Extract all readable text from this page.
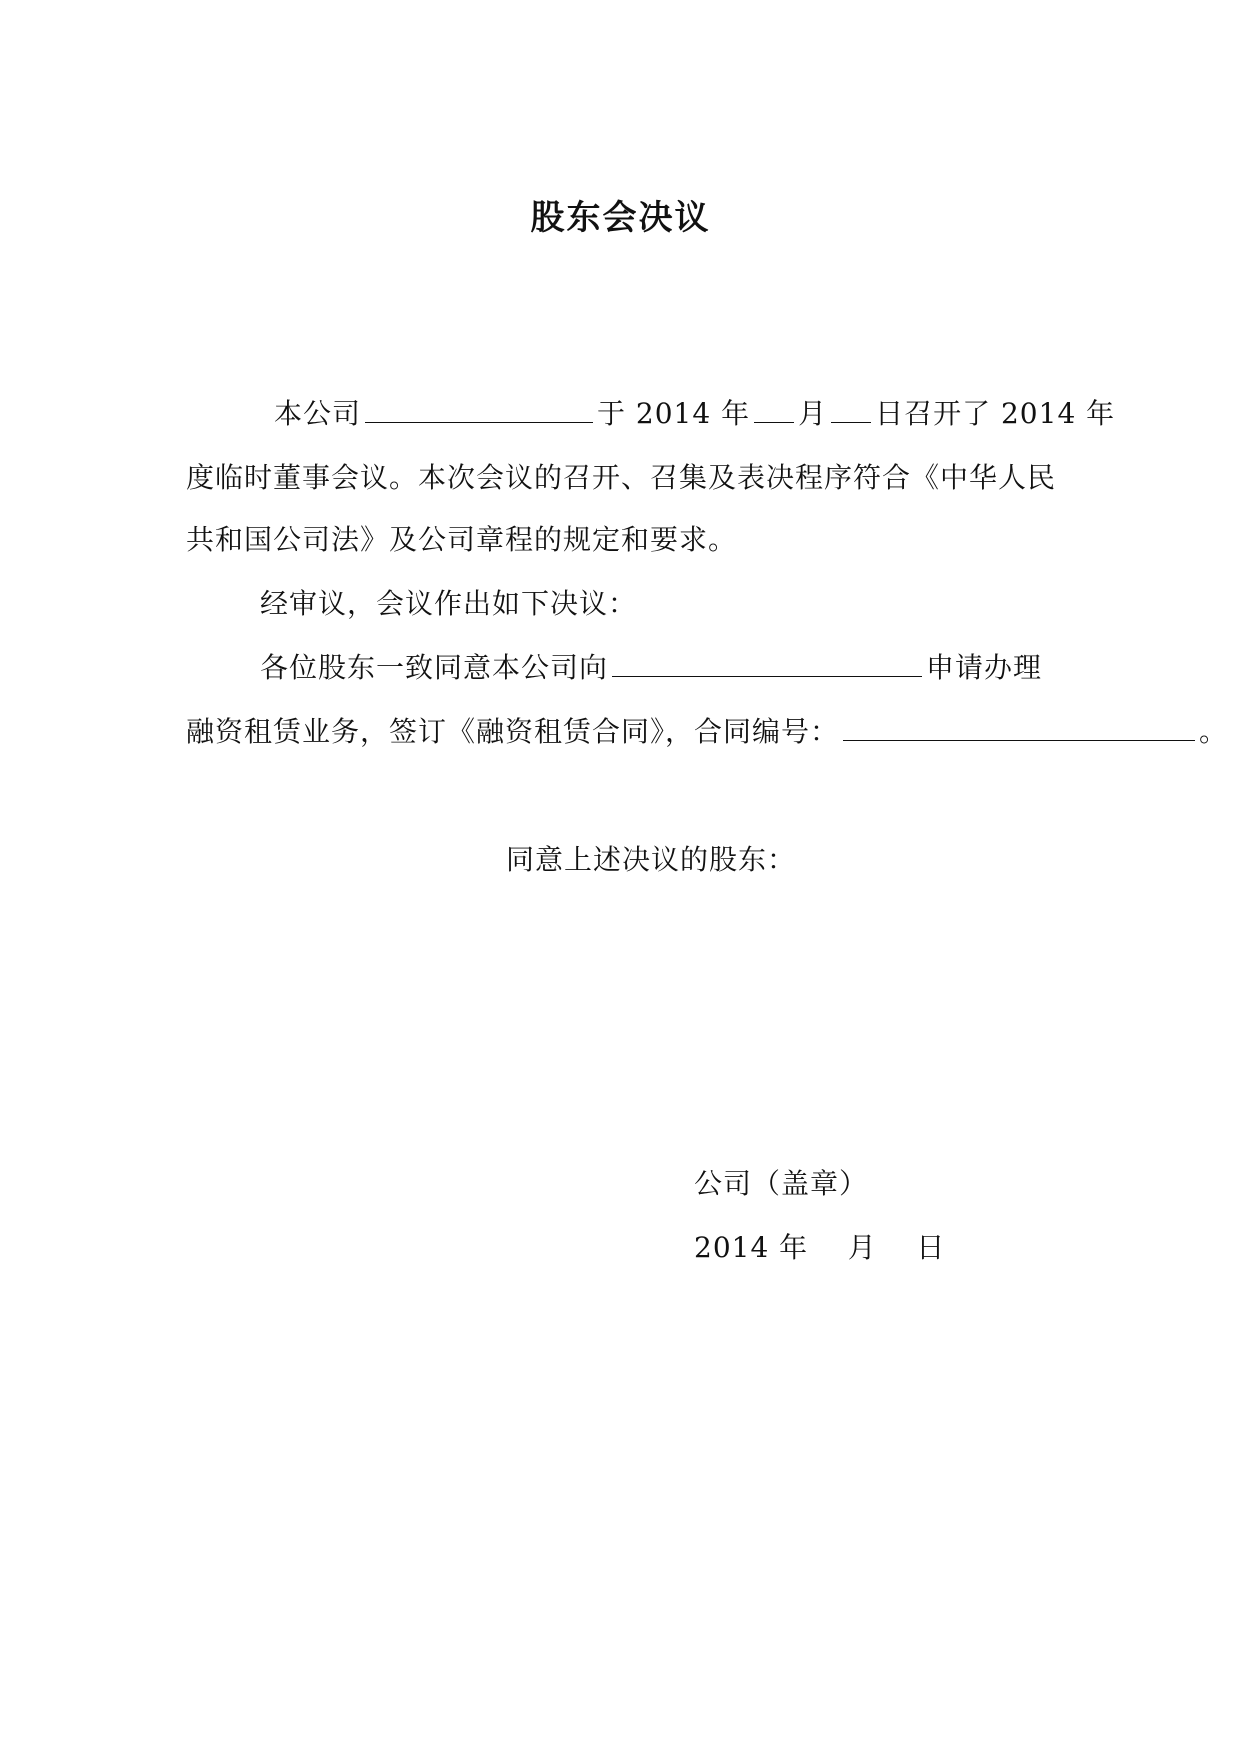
股东会决议
本公司	于 2014 年 月 日召开了 2014 年
度临时董事会议。本次会议的召开、召集及表决程序符合《中华人民
共和国公司法》及公司章程的规定和要求。
经审议，会议作出如下决议：
各位股东一致同意本公司向	申请办理
融资租赁业务，签订《融资租赁合同》，合同编号：	。
同意上述决议的股东：
公司（盖章）
2014 年    月    日
